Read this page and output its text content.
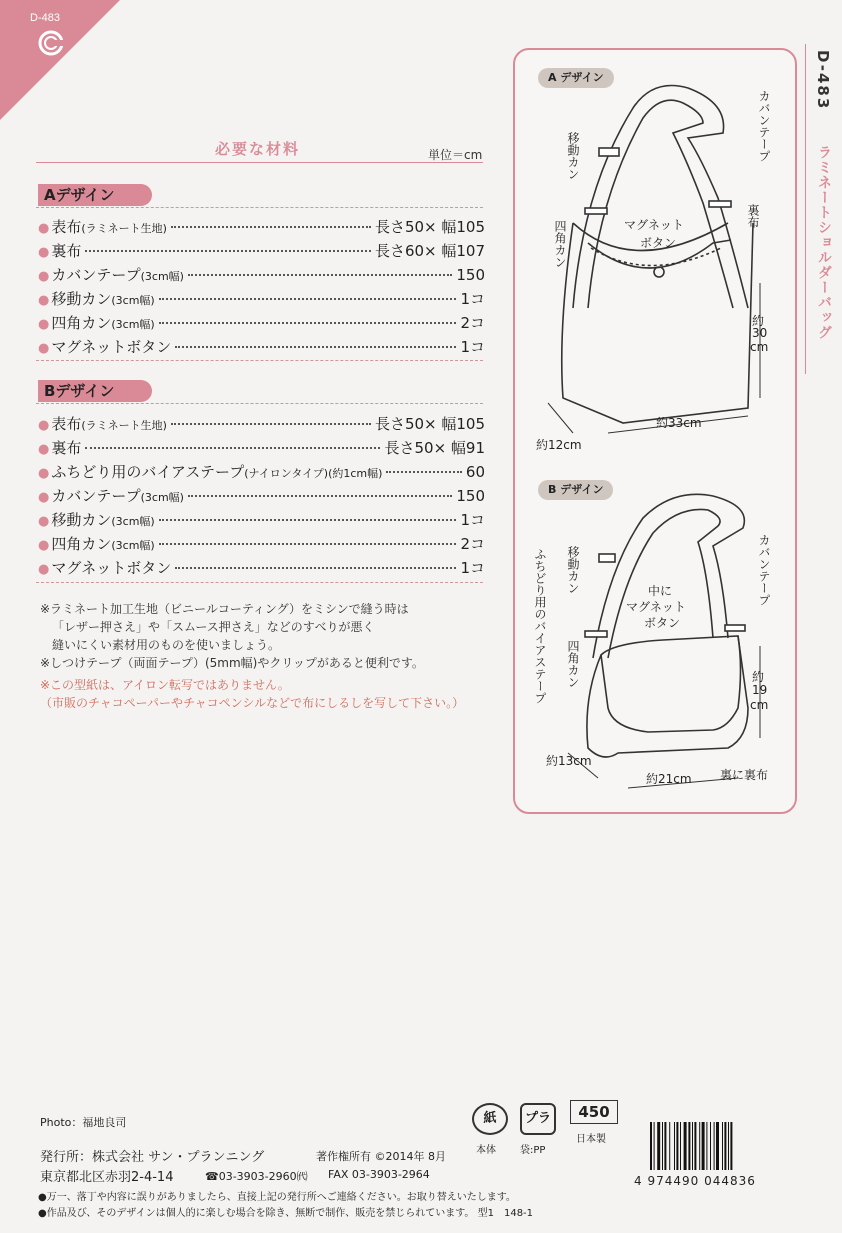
D-483
D-483
ラミネートショルダーバッグ
必要な材料	単位＝cm
Aデザイン
● 表布 (ラミネート生地)	長さ50× 幅105
● 裏布	長さ60× 幅107
● カバンテープ (3cm幅)	150
● 移動カン (3cm幅)	1コ
● 四角カン (3cm幅)	2コ
● マグネットボタン	1コ
Bデザイン
● 表布 (ラミネート生地)	長さ50× 幅105
● 裏布	長さ50× 幅91
● ふちどり用のバイアステープ (ナイロンタイプ)(約1cm幅)	60
● カバンテープ (3cm幅)	150
● 移動カン (3cm幅)	1コ
● 四角カン (3cm幅)	2コ
● マグネットボタン	1コ
※ラミネート加工生地（ビニールコーティング）をミシンで縫う時は
「レザー押さえ」や「スムース押さえ」などのすべりが悪く
縫いにくい素材用のものを使いましょう。
※しつけテープ（両面テープ）(5mm幅)やクリップがあると便利です。
※この型紙は、アイロン転写ではありません。
（市販のチャコペーパーやチャコペンシルなどで布にしるしを写して下さい。）
A デザイン
カバンテープ
移動カン
四角カン	マグネット
ボタン
裏布
約
30
cm
約33cm
約12cm
B デザイン
カバンテープ
移動カン
ふちどり用のバイアステープ 四角カン
中に
マグネット
ボタン
約
19
cm
約21cm
約13cm
裏に裏布
Photo：福地良司
発行所：株式会社 サン・プランニング	著作権所有 ©2014年 8月
東京都北区赤羽2-4-14	☎03-3903-2960㈹ FAX 03-3903-2964
●万一、落丁や内容に誤りがありましたら、直接上記の発行所へご連絡ください。お取り替えいたします。
●作品及び、そのデザインは個人的に楽しむ場合を除き、無断で制作、販売を禁じられています。 型1　148-1
紙
本体
プラ
袋:PP
450
日本製
4 974490 044836
